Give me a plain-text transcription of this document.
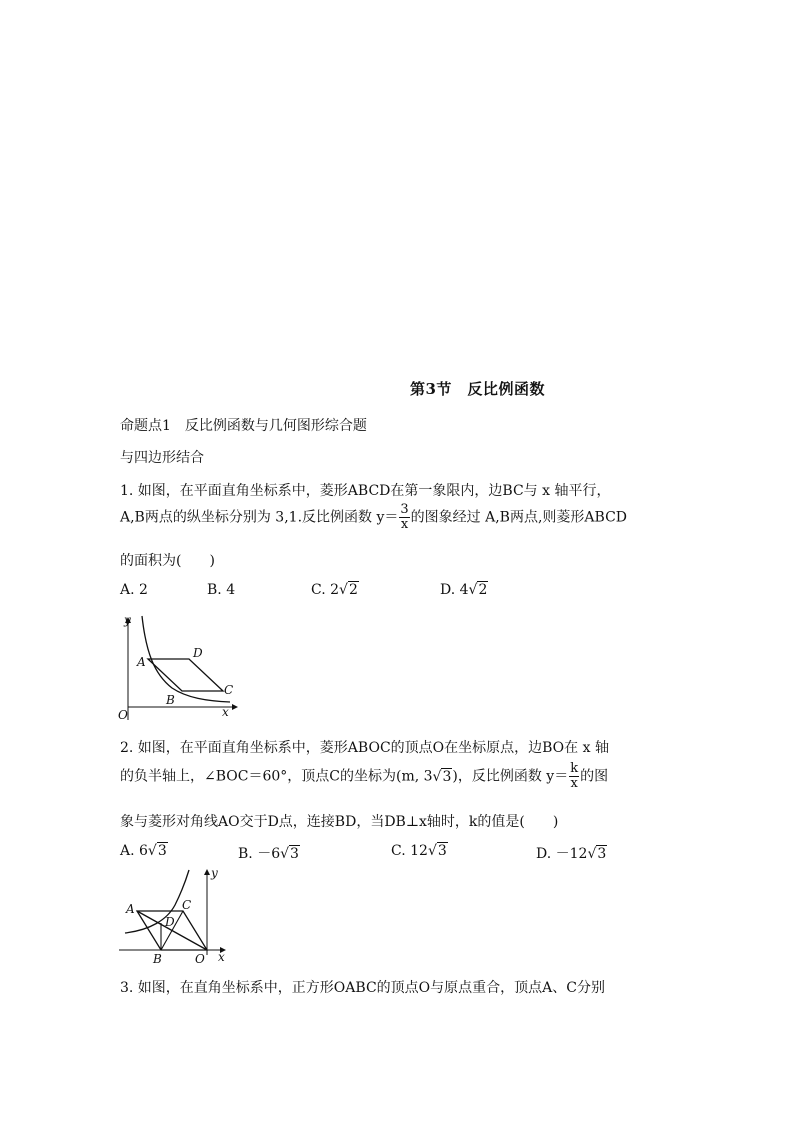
第3节　反比例函数
命题点1　反比例函数与几何图形综合题
与四边形结合
1. 如图，在平面直角坐标系中，菱形ABCD在第一象限内，边BC与 x 轴平行，
A,B两点的纵坐标分别为 3,1.反比例函数 $y= \frac{3}{x}$ 的图象经过 A,B两点,则菱形ABCD
的面积为(　　)
A. 2	B. 4	C. 2√2	D. 4√2
y
A
D
B
C
O	x
2. 如图，在平面直角坐标系中，菱形ABOC的顶点O在坐标原点，边BO在 x 轴
的负半轴上，∠BOC＝60°，顶点C的坐标为(m, 3√3)，反比例函数 $y= \frac{k}{x}$ 的图
象与菱形对角线AO交于D点，连接BD，当DB⊥x轴时，k的值是(　　)
A. 6√3	B. －6√3	C. 12√3	D. －12√3
y
A	C
D
B	O x
3. 如图，在直角坐标系中，正方形OABC的顶点O与原点重合，顶点A、C分别
